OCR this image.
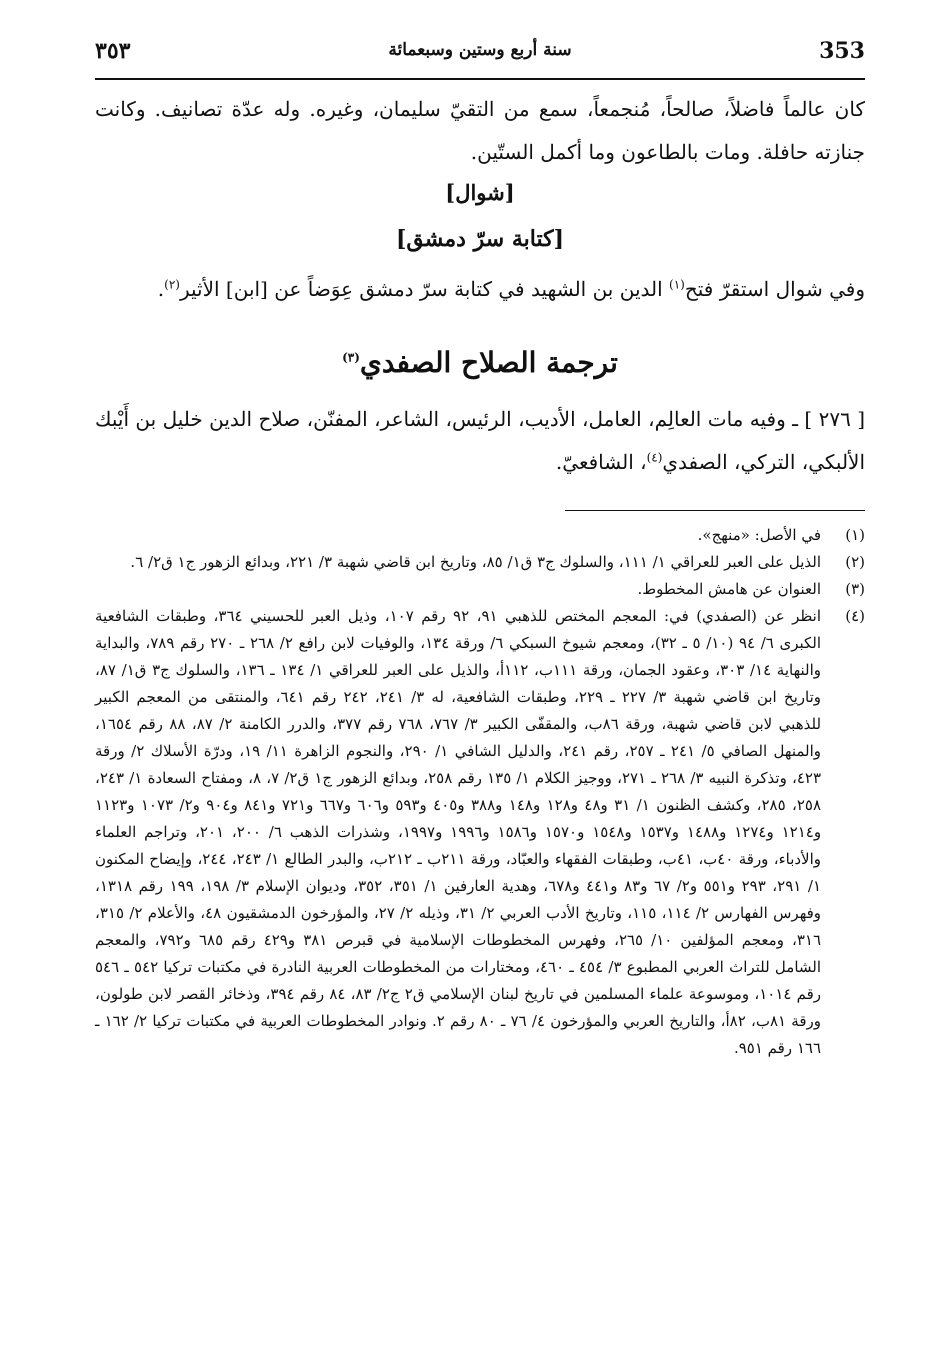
353
سنة أربع وستين وسبعمائة
٣٥٣
كان عالماً فاضلاً، صالحاً، مُنجمعاً، سمع من التقيّ سليمان، وغيره. وله عدّة تصانيف. وكانت جنازته حافلة. ومات بالطاعون وما أكمل الستّين.
[شوال]
[كتابة سرّ دمشق]
وفي شوال استقرّ فتح$^{(١)}$ الدين بن الشهيد في كتابة سرّ دمشق عِوَضاً عن [ابن] الأثير$^{(٢)}$.
ترجمة الصلاح الصفدي$^{(٣)}$
[ ٢٧٦ ] ـ وفيه مات العالِم، العامل، الأديب، الرئيس، الشاعر، المفنّن، صلاح الدين خليل بن أَيْبك الألبكي، التركي، الصفدي$^{(٤)}$، الشافعيّ.
(١)
في الأصل: «منهج».
(٢)
الذيل على العبر للعراقي ١/ ١١١، والسلوك ج٣ ق١/ ٨٥، وتاريخ ابن قاضي شهبة ٣/ ٢٢١، وبدائع الزهور ج١ ق٢/ ٦.
(٣)
العنوان عن هامش المخطوط.
(٤)
انظر عن (الصفدي) في: المعجم المختص للذهبي ٩١، ٩٢ رقم ١٠٧، وذيل العبر للحسيني ٣٦٤، وطبقات الشافعية الكبرى ٦/ ٩٤ (١٠/ ٥ ـ ٣٢)، ومعجم شيوخ السبكي ٦/ ورقة ١٣٤، والوفيات لابن رافع ٢/ ٢٦٨ ـ ٢٧٠ رقم ٧٨٩، والبداية والنهاية ١٤/ ٣٠٣، وعقود الجمان، ورقة ١١١ب، ١١٢أ، والذيل على العبر للعراقي ١/ ١٣٤ ـ ١٣٦، والسلوك ج٣ ق١/ ٨٧، وتاريخ ابن قاضي شهبة ٣/ ٢٢٧ ـ ٢٢٩، وطبقات الشافعية، له ٣/ ٢٤١، ٢٤٢ رقم ٦٤١، والمنتقى من المعجم الكبير للذهبي لابن قاضي شهبة، ورقة ٨٦ب، والمقفّى الكبير ٣/ ٧٦٧، ٧٦٨ رقم ٣٧٧، والدرر الكامنة ٢/ ٨٧، ٨٨ رقم ١٦٥٤، والمنهل الصافي ٥/ ٢٤١ ـ ٢٥٧، رقم ٢٤١، والدليل الشافي ١/ ٢٩٠، والنجوم الزاهرة ١١/ ١٩، ودرّة الأسلاك ٢/ ورقة ٤٢٣، وتذكرة النبيه ٣/ ٢٦٨ ـ ٢٧١، ووجيز الكلام ١/ ١٣٥ رقم ٢٥٨، وبدائع الزهور ج١ ق٢/ ٧، ٨، ومفتاح السعادة ١/ ٢٤٣، ٢٥٨، ٢٨٥، وكشف الظنون ١/ ٣١ و٤٨ و١٢٨ و١٤٨ و٣٨٨ و٤٠٥ و٥٩٣ و٦٠٦ و٦٦٧ و٧٢١ و٨٤١ و٩٠٤ و٢/ ١٠٧٣ و١١٢٣ و١٢١٤ و١٢٧٤ و١٤٨٨ و١٥٣٧ و١٥٤٨ و١٥٧٠ و١٥٨٦ و١٩٩٦ و١٩٩٧، وشذرات الذهب ٦/ ٢٠٠، ٢٠١، وتراجم العلماء والأدباء، ورقة ٤٠ب، ٤١ب، وطبقات الفقهاء والعبّاد، ورقة ٢١١ب ـ ٢١٢ب، والبدر الطالع ١/ ٢٤٣، ٢٤٤، وإيضاح المكنون ١/ ٢٩١، ٢٩٣ و٥٥١ و٢/ ٦٧ و٨٣ و٤٤١ و٦٧٨، وهدية العارفين ١/ ٣٥١، ٣٥٢، وديوان الإسلام ٣/ ١٩٨، ١٩٩ رقم ١٣١٨، وفهرس الفهارس ٢/ ١١٤، ١١٥، وتاريخ الأدب العربي ٢/ ٣١، وذيله ٢/ ٢٧، والمؤرخون الدمشقيون ٤٨، والأعلام ٢/ ٣١٥، ٣١٦، ومعجم المؤلفين ١٠/ ٢٦٥، وفهرس المخطوطات الإسلامية في قبرص ٣٨١ و٤٢٩ رقم ٦٨٥ و٧٩٢، والمعجم الشامل للتراث العربي المطبوع ٣/ ٤٥٤ ـ ٤٦٠، ومختارات من المخطوطات العربية النادرة في مكتبات تركيا ٥٤٢ ـ ٥٤٦ رقم ١٠١٤، وموسوعة علماء المسلمين في تاريخ لبنان الإسلامي ق٢ ج٢/ ٨٣، ٨٤ رقم ٣٩٤، وذخائر القصر لابن طولون، ورقة ٨١ب، ٨٢أ، والتاريخ العربي والمؤرخون ٤/ ٧٦ ـ ٨٠ رقم ٢. ونوادر المخطوطات العربية في مكتبات تركيا ٢/ ١٦٢ ـ ١٦٦ رقم ٩٥١.
